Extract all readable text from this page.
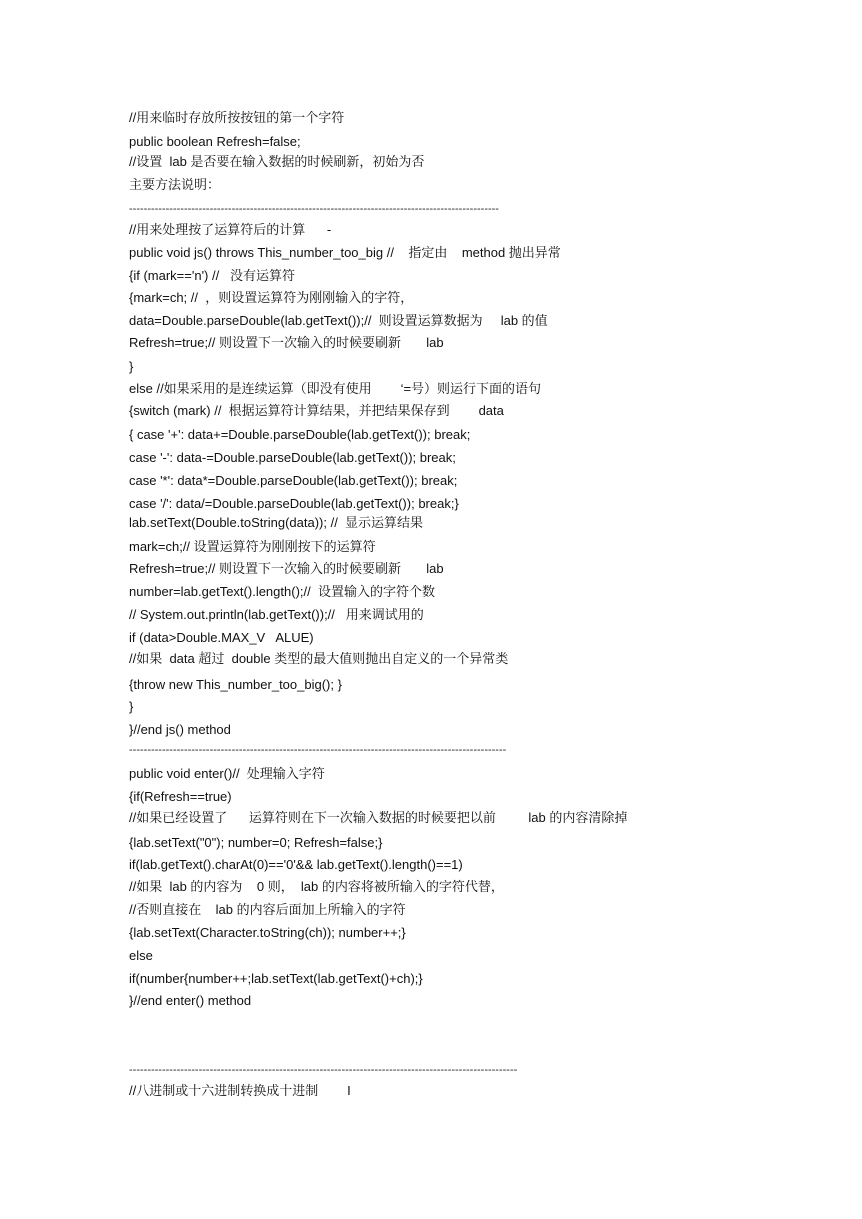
//用来临时存放所按按钮的第一个字符
public boolean Refresh=false;
//设置  lab 是否要在输入数据的时候刷新，初始为否
主要方法说明：
-----------------------------------------------------------------------------------------------------
//用来处理按了运算符后的计算      -
public void js() throws This_number_too_big //    指定由    method 抛出异常
{if (mark=='n') //   没有运算符
{mark=ch; //  ，则设置运算符为刚刚输入的字符，
data=Double.parseDouble(lab.getText());//  则设置运算数据为     lab 的值
Refresh=true;// 则设置下一次输入的时候要刷新       lab
}
else //如果采用的是连续运算（即没有使用        ‘=号）则运行下面的语句
{switch (mark) //  根据运算符计算结果，并把结果保存到        data
{ case '+': data+=Double.parseDouble(lab.getText()); break;
case '-': data-=Double.parseDouble(lab.getText()); break;
case '*': data*=Double.parseDouble(lab.getText()); break;
case '/': data/=Double.parseDouble(lab.getText()); break;}
lab.setText(Double.toString(data)); //  显示运算结果
mark=ch;// 设置运算符为刚刚按下的运算符
Refresh=true;// 则设置下一次输入的时候要刷新       lab
number=lab.getText().length();//  设置输入的字符个数
// System.out.println(lab.getText());//   用来调试用的
if (data>Double.MAX_V   ALUE)
//如果  data 超过  double 类型的最大值则抛出自定义的一个异常类
{throw new This_number_too_big(); }
}
}//end js() method
-------------------------------------------------------------------------------------------------------
public void enter()//  处理输入字符
{if(Refresh==true)
//如果已经设置了      运算符则在下一次输入数据的时候要把以前         lab 的内容清除掉
{lab.setText("0"); number=0; Refresh=false;}
if(lab.getText().charAt(0)=='0'&& lab.getText().length()==1)
//如果  lab 的内容为    0 则，  lab 的内容将被所输入的字符代替，
//否则直接在    lab 的内容后面加上所输入的字符
{lab.setText(Character.toString(ch)); number++;}
else
if(number{number++;lab.setText(lab.getText()+ch);}
}//end enter() method
----------------------------------------------------------------------------------------------------------
//八进制或十六进制转换成十进制        I
